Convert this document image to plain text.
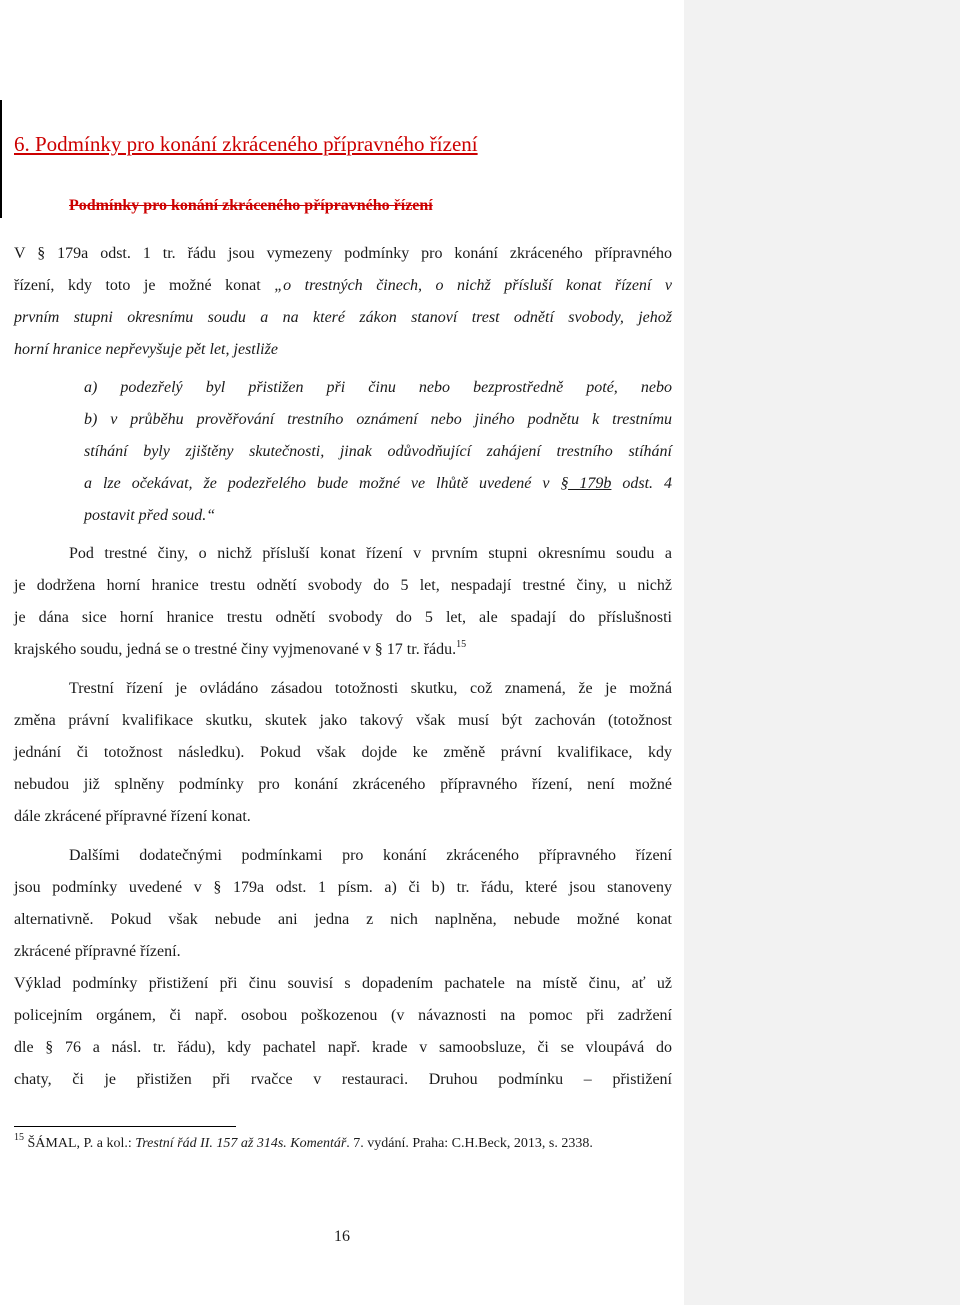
6. Podmínky pro konání zkráceného přípravného řízení
Podmínky pro konání zkráceného přípravného řízení
V § 179a odst. 1 tr. řádu jsou vymezeny podmínky pro konání zkráceného přípravného
řízení, kdy toto je možné konat „o trestných činech, o nichž přísluší konat řízení v
prvním stupni okresnímu soudu a na které zákon stanoví trest odnětí svobody, jehož
horní hranice nepřevyšuje pět let, jestliže
a) podezřelý byl přistižen při činu nebo bezprostředně poté, nebo
b) v průběhu prověřování trestního oznámení nebo jiného podnětu k trestnímu
stíhání byly zjištěny skutečnosti, jinak odůvodňující zahájení trestního stíhání
a lze očekávat, že podezřelého bude možné ve lhůtě uvedené v § 179b odst. 4
postavit před soud.“
Pod trestné činy, o nichž přísluší konat řízení v prvním stupni okresnímu soudu a
je dodržena horní hranice trestu odnětí svobody do 5 let, nespadají trestné činy, u nichž
je dána sice horní hranice trestu odnětí svobody do 5 let, ale spadají do příslušnosti
krajského soudu, jedná se o trestné činy vyjmenované v § 17 tr. řádu.$^{15}$
Trestní řízení je ovládáno zásadou totožnosti skutku, což znamená, že je možná
změna právní kvalifikace skutku, skutek jako takový však musí být zachován (totožnost
jednání či totožnost následku). Pokud však dojde ke změně právní kvalifikace, kdy
nebudou již splněny podmínky pro konání zkráceného přípravného řízení, není možné
dále zkrácené přípravné řízení konat.
Dalšími dodatečnými podmínkami pro konání zkráceného přípravného řízení
jsou podmínky uvedené v § 179a odst. 1 písm. a) či b) tr. řádu, které jsou stanoveny
alternativně. Pokud však nebude ani jedna z nich naplněna, nebude možné konat
zkrácené přípravné řízení.
Výklad podmínky přistižení při činu souvisí s dopadením pachatele na místě činu, ať už
policejním orgánem, či např. osobou poškozenou (v návaznosti na pomoc při zadržení
dle § 76 a násl. tr. řádu), kdy pachatel např. krade v samoobsluze, či se vloupává do
chaty, či je přistižen při rvačce v restauraci. Druhou podmínku – přistižení
$^{15}$ ŠÁMAL, P. a kol.: Trestní řád II. 157 až 314s. Komentář. 7. vydání. Praha: C.H.Beck, 2013, s. 2338.
16
